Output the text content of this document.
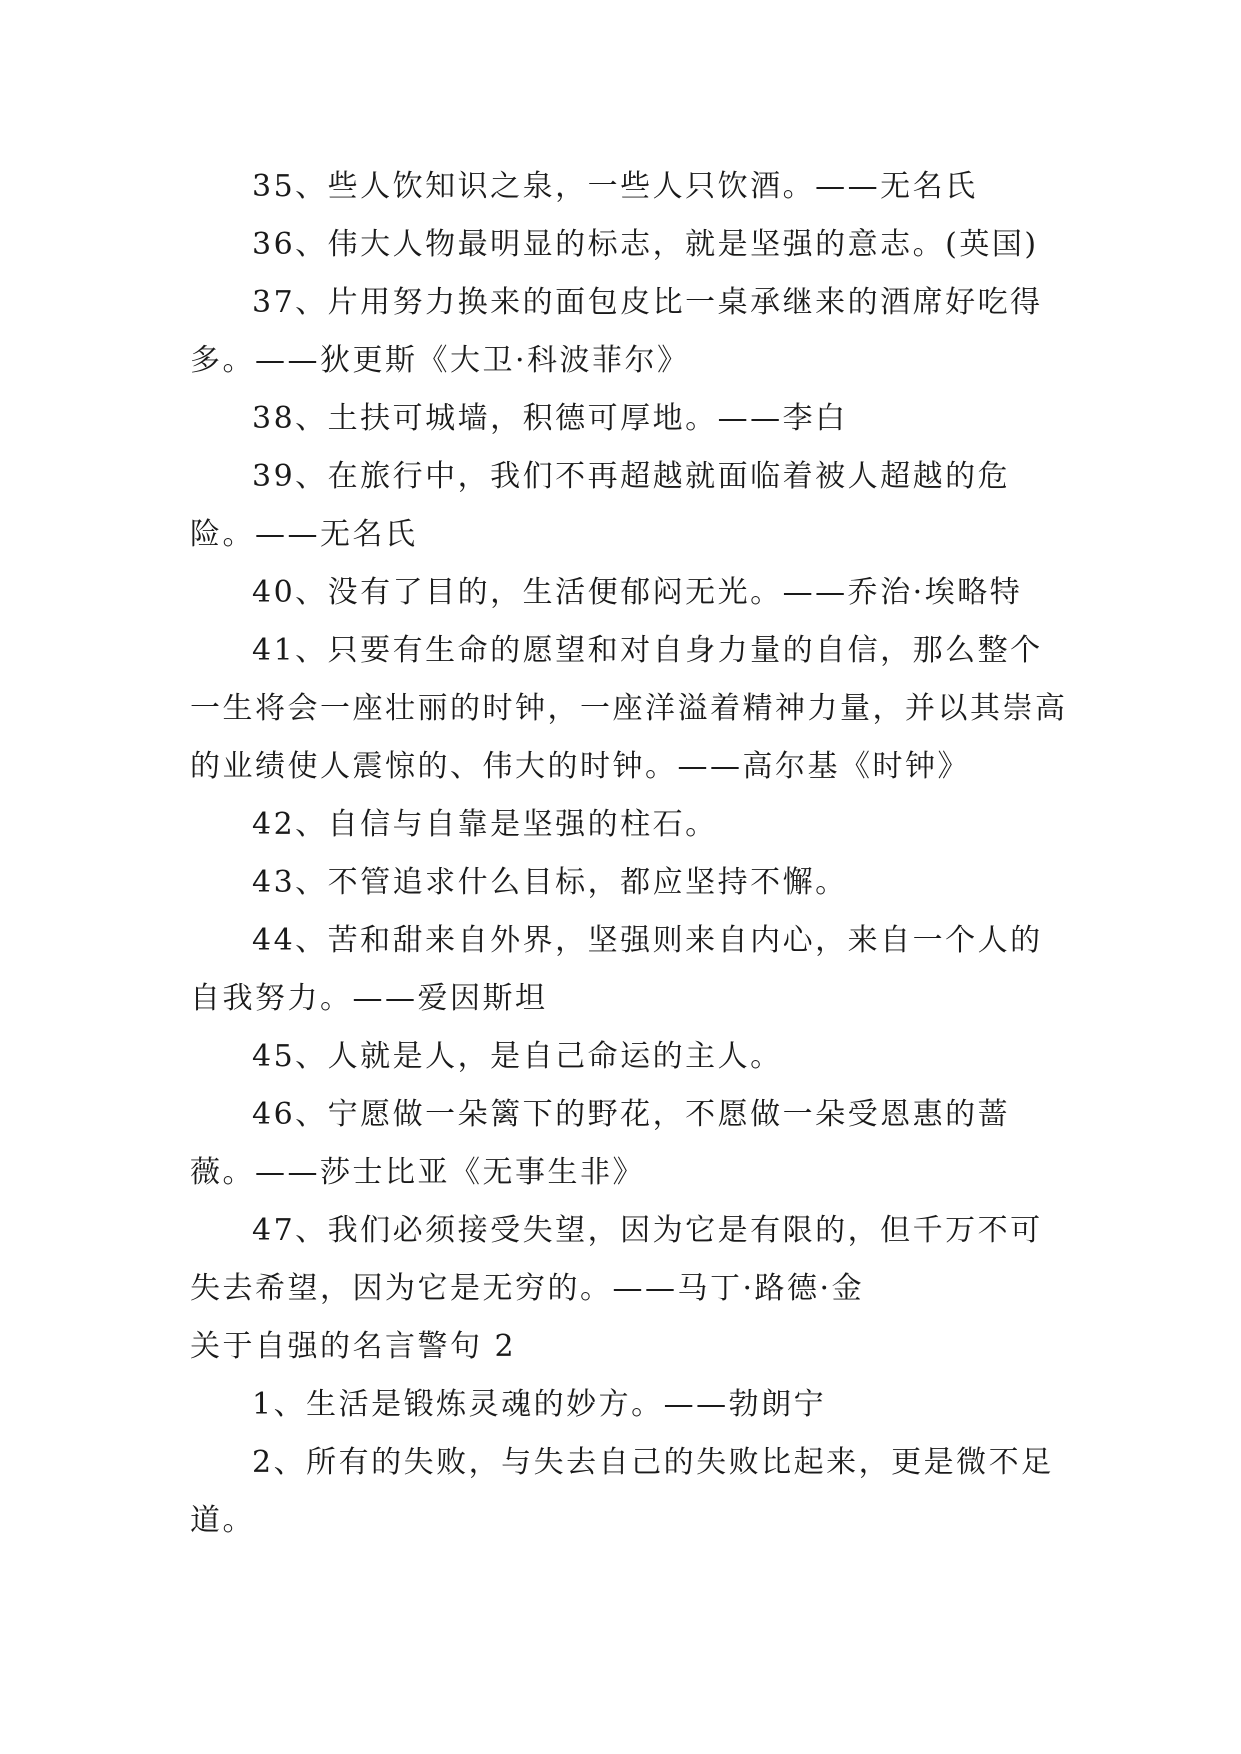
35、些人饮知识之泉，一些人只饮酒。——无名氏

36、伟大人物最明显的标志，就是坚强的意志。(英国)

37、片用努力换来的面包皮比一桌承继来的酒席好吃得多。——狄更斯《大卫·科波菲尔》

38、土扶可城墙，积德可厚地。——李白

39、在旅行中，我们不再超越就面临着被人超越的危险。——无名氏

40、没有了目的，生活便郁闷无光。——乔治·埃略特

41、只要有生命的愿望和对自身力量的自信，那么整个一生将会一座壮丽的时钟，一座洋溢着精神力量，并以其崇高的业绩使人震惊的、伟大的时钟。——高尔基《时钟》

42、自信与自靠是坚强的柱石。

43、不管追求什么目标，都应坚持不懈。

44、苦和甜来自外界，坚强则来自内心，来自一个人的自我努力。——爱因斯坦

45、人就是人，是自己命运的主人。

46、宁愿做一朵篱下的野花，不愿做一朵受恩惠的蔷薇。——莎士比亚《无事生非》

47、我们必须接受失望，因为它是有限的，但千万不可失去希望，因为它是无穷的。——马丁·路德·金

关于自强的名言警句 2

1、生活是锻炼灵魂的妙方。——勃朗宁

2、所有的失败，与失去自己的失败比起来，更是微不足道。
